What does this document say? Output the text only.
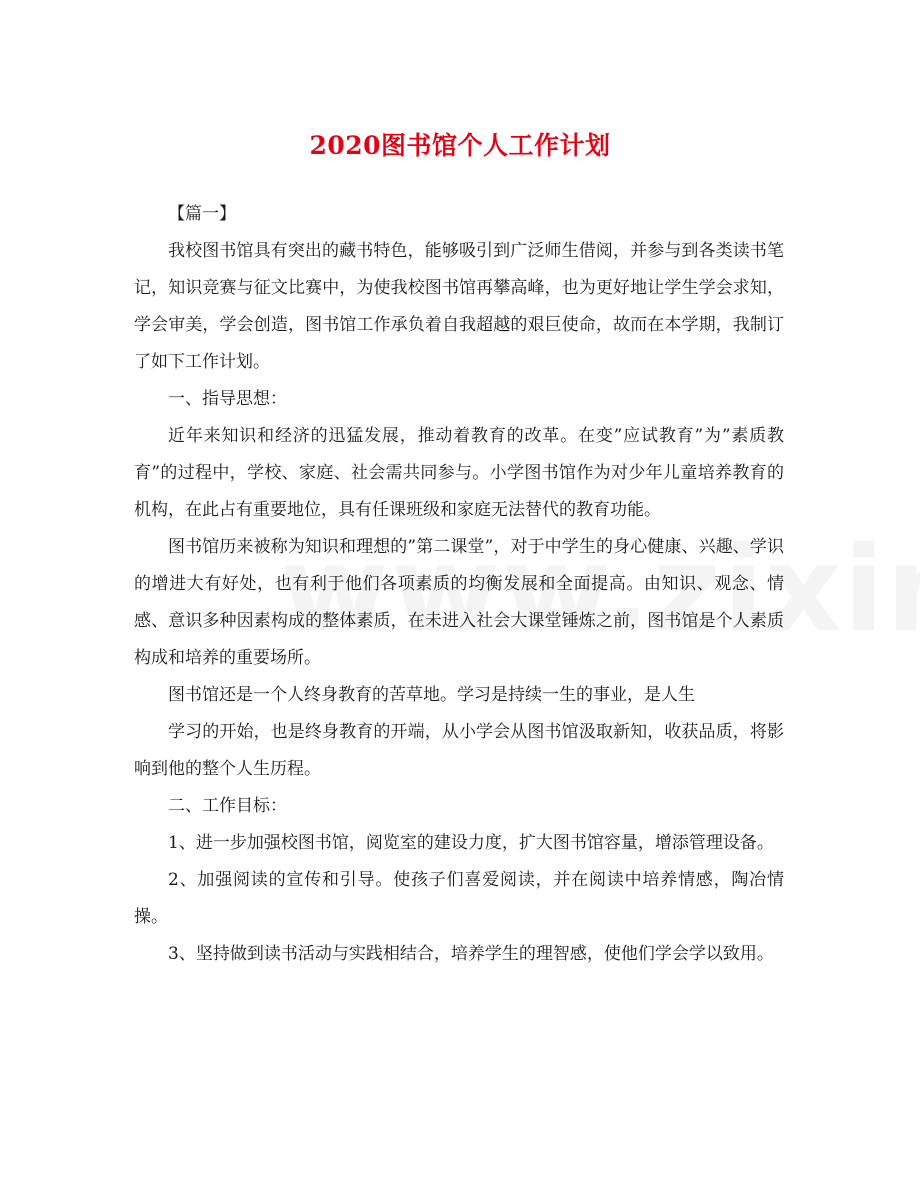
2020图书馆个人工作计划

【篇一】

我校图书馆具有突出的藏书特色，能够吸引到广泛师生借阅，并参与到各类读书笔记，知识竞赛与征文比赛中，为使我校图书馆再攀高峰，也为更好地让学生学会求知，学会审美，学会创造，图书馆工作承负着自我超越的艰巨使命，故而在本学期，我制订了如下工作计划。

一、指导思想：

近年来知识和经济的迅猛发展，推动着教育的改革。在变”应试教育”为”素质教育”的过程中，学校、家庭、社会需共同参与。小学图书馆作为对少年儿童培养教育的机构，在此占有重要地位，具有任课班级和家庭无法替代的教育功能。

图书馆历来被称为知识和理想的”第二课堂”，对于中学生的身心健康、兴趣、学识的增进大有好处，也有利于他们各项素质的均衡发展和全面提高。由知识、观念、情感、意识多种因素构成的整体素质，在未进入社会大课堂锤炼之前，图书馆是个人素质构成和培养的重要场所。

图书馆还是一个人终身教育的苦草地。学习是持续一生的事业，是人生

学习的开始，也是终身教育的开端，从小学会从图书馆汲取新知，收获品质，将影响到他的整个人生历程。

二、工作目标：

1、进一步加强校图书馆，阅览室的建设力度，扩大图书馆容量，增添管理设备。

2、加强阅读的宣传和引导。使孩子们喜爱阅读，并在阅读中培养情感，陶冶情操。

3、坚持做到读书活动与实践相结合，培养学生的理智感，使他们学会学以致用。
